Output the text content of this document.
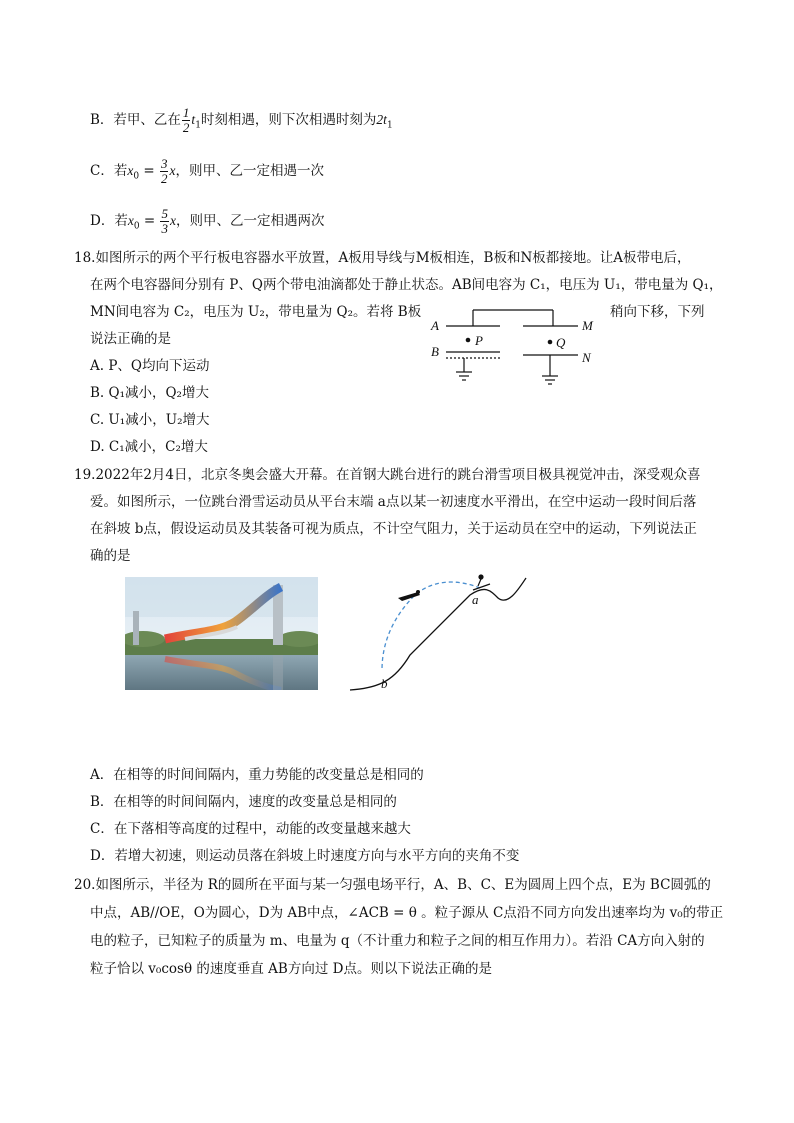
B．若甲、乙在 $\frac{1}{2} t_1$时刻相遇，则下次相遇时刻为$2t_1$
C．若$x_0 = \frac{3}{2}$ x，则甲、乙一定相遇一次
D．若$x_0 = \frac{5}{3}$ x，则甲、乙一定相遇两次
18.如图所示的两个平行板电容器水平放置，A板用导线与M板相连，B板和N板都接地。让A板带电后，
在两个电容器间分别有 P、Q两个带电油滴都处于静止状态。AB间电容为 C₁，电压为 U₁，带电量为 Q₁，
MN间电容为 C₂，电压为 U₂，带电量为 Q₂。若将 B板	稍向下移，下列
说法正确的是
A. P、Q均向下运动
B. Q₁减小，Q₂增大
C. U₁减小，U₂增大
D. C₁减小，C₂增大
A
B
M
N
P	Q
19.2022年2月4日，北京冬奥会盛大开幕。在首钢大跳台进行的跳台滑雪项目极具视觉冲击，深受观众喜
爱。如图所示，一位跳台滑雪运动员从平台末端 a点以某一初速度水平滑出，在空中运动一段时间后落
在斜坡 b点，假设运动员及其装备可视为质点，不计空气阻力，关于运动员在空中的运动，下列说法正
确的是
a
b
A．在相等的时间间隔内，重力势能的改变量总是相同的
B．在相等的时间间隔内，速度的改变量总是相同的
C．在下落相等高度的过程中，动能的改变量越来越大
D．若增大初速，则运动员落在斜坡上时速度方向与水平方向的夹角不变
20.如图所示，半径为 R的圆所在平面与某一匀强电场平行，A、B、C、E为圆周上四个点，E为 BC圆弧的
中点，AB//OE，O为圆心，D为 AB中点，∠ACB = θ 。粒子源从 C点沿不同方向发出速率均为 v₀的带正
电的粒子，已知粒子的质量为 m、电量为 q（不计重力和粒子之间的相互作用力）。若沿 CA方向入射的
粒子恰以 v₀cosθ 的速度垂直 AB方向过 D点。则以下说法正确的是
